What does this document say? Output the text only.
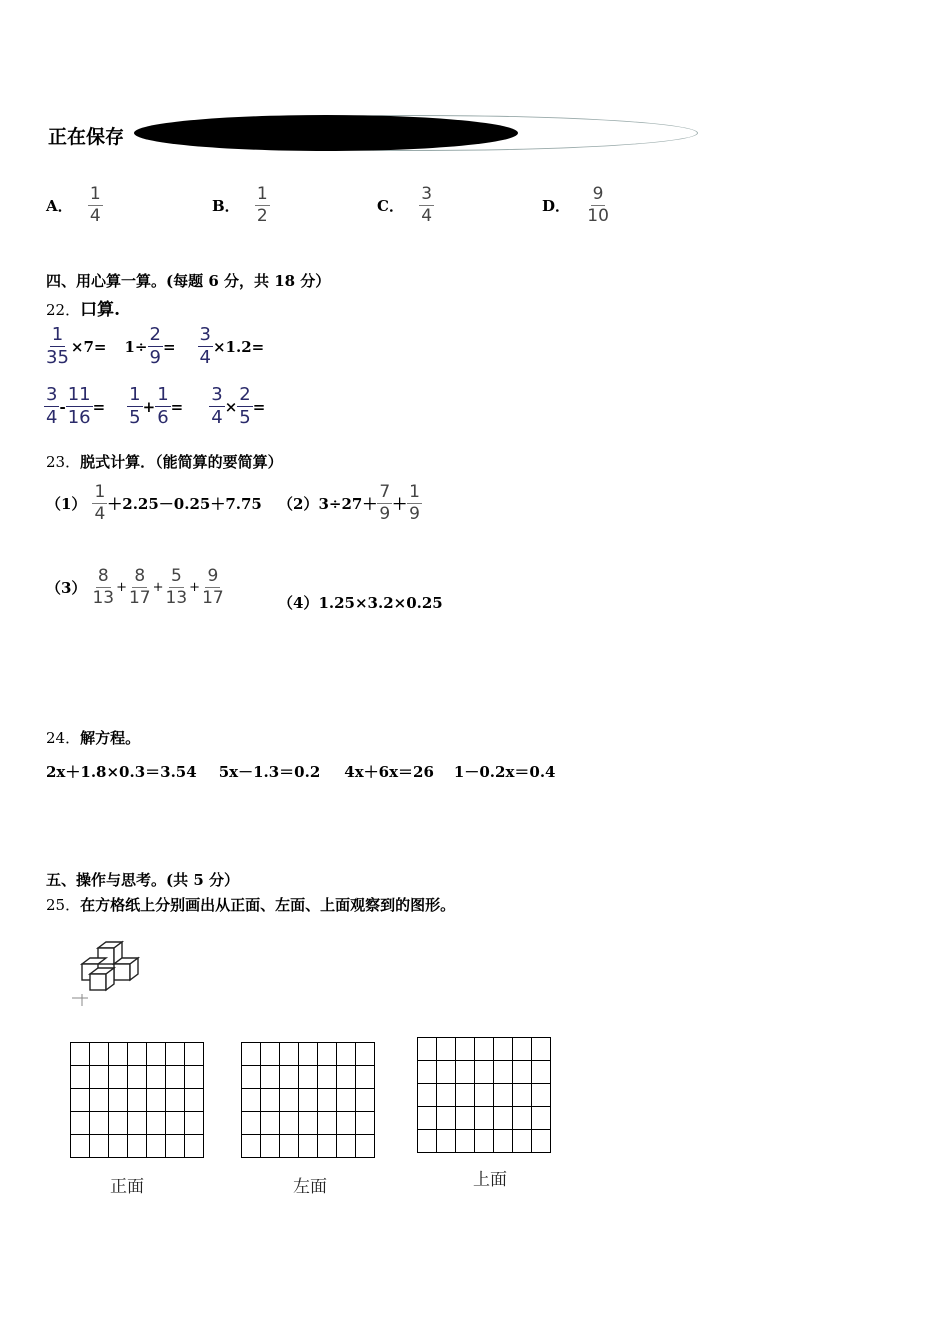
正在保存
A． $\frac{1}{4}$	B． $\frac{1}{2}$	C． $\frac{3}{4}$	D． $\frac{9}{10}$
四、用心算一算。(每题 6 分，共 18 分）
22．口算.
$\frac{1}{35} \times 7= 1\div \frac{2}{9} = \frac{3}{4} \times 1.2=$
$\frac{3}{4} - \frac{11}{16} = \frac{1}{5} + \frac{1}{6} = \frac{3}{4} \times \frac{2}{5}$ =
23．脱式计算．（能简算的要简算）
$(1) \frac{1}{4} +2.25-0.25+7.75$ （2） $3\div 27+ \frac{7}{9} + \frac{1}{9}$
$(3) \frac{8}{13} + \frac{8}{17} + \frac{5}{13} + \frac{9}{17}$	（4） 1.25×3.2×0.25
24．解方程。
2x＋1.8×0.3＝3.54 5x－1.3＝0.2 4x＋6x＝26 1－0.2x＝0.4
五、操作与思考。(共 5 分）
25．在方格纸上分别画出从正面、左面、上面观察到的图形。

正面	左面	上面
